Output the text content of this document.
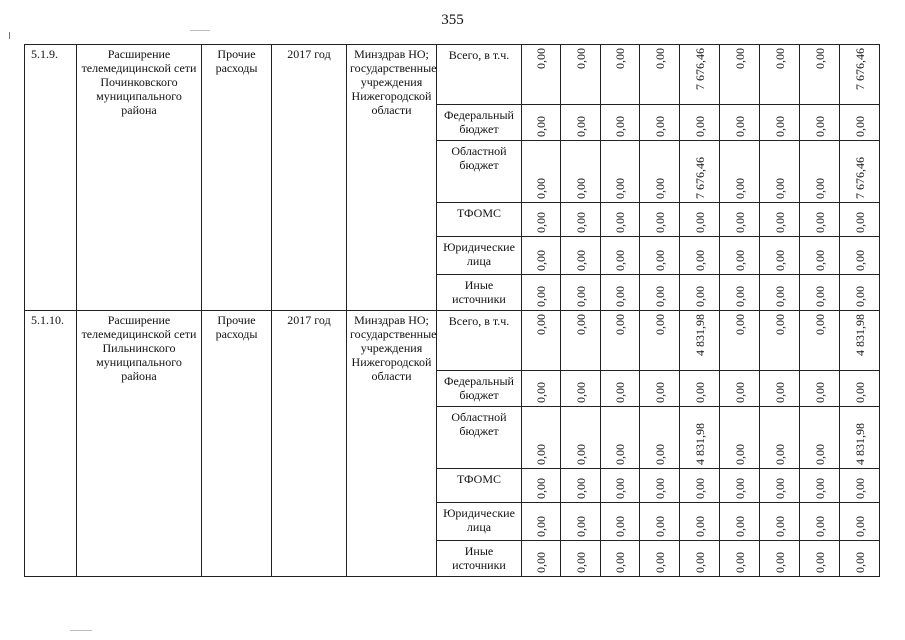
355
5.1.9.	Расширение телемедицинской сети Починковского муниципального района	Прочие расходы	2017 год	Минздрав НО; государственные учреждения Нижегородской области	Всего, в т.ч.	0,00	0,00	0,00	0,00	7 676,46	0,00	0,00	0,00	7 676,46

					Федеральный бюджет	0,00	0,00	0,00	0,00	0,00	0,00	0,00	0,00	0,00

					Областной бюджет	0,00	0,00	0,00	0,00	7 676,46	0,00	0,00	0,00	7 676,46

					ТФОМС	0,00	0,00	0,00	0,00	0,00	0,00	0,00	0,00	0,00

					Юридические лица	0,00	0,00	0,00	0,00	0,00	0,00	0,00	0,00	0,00

					Иные источники	0,00	0,00	0,00	0,00	0,00	0,00	0,00	0,00	0,00

5.1.10.	Расширение телемедицинской сети Пильнинского муниципального района	Прочие расходы	2017 год	Минздрав НО; государственные учреждения Нижегородской области	Всего, в т.ч.	0,00	0,00	0,00	0,00	4 831,98	0,00	0,00	0,00	4 831,98

					Федеральный бюджет	0,00	0,00	0,00	0,00	0,00	0,00	0,00	0,00	0,00

					Областной бюджет	0,00	0,00	0,00	0,00	4 831,98	0,00	0,00	0,00	4 831,98

					ТФОМС	0,00	0,00	0,00	0,00	0,00	0,00	0,00	0,00	0,00

					Юридические лица	0,00	0,00	0,00	0,00	0,00	0,00	0,00	0,00	0,00

					Иные источники	0,00	0,00	0,00	0,00	0,00	0,00	0,00	0,00	0,00
